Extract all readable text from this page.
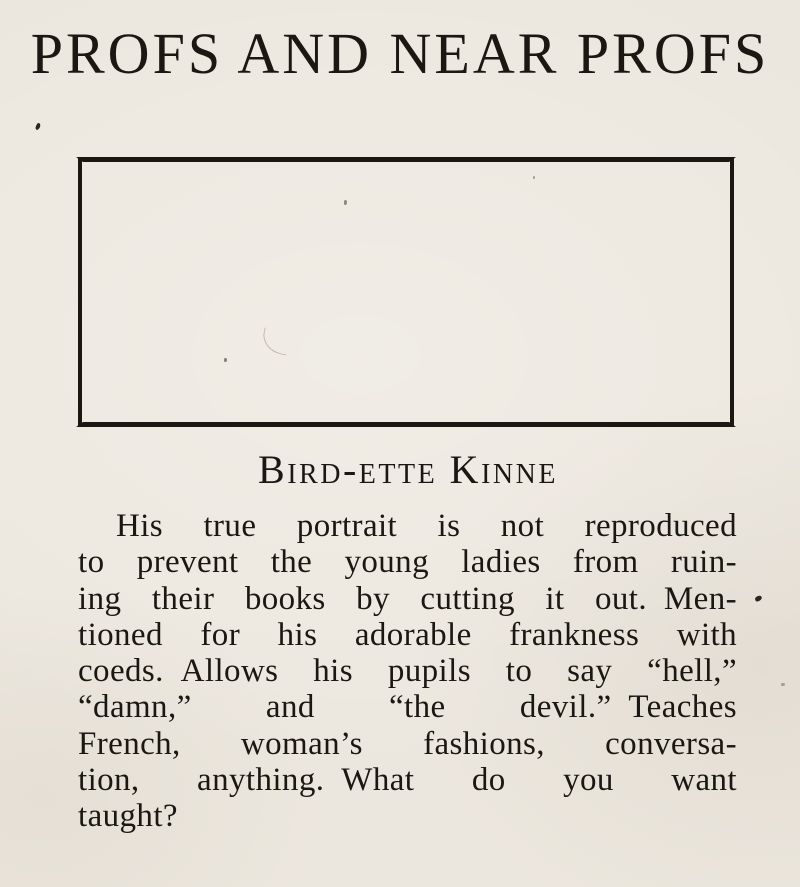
PROFS AND NEAR PROFS
Bird-ette Kinne
His true portrait is not reproduced
to prevent the young ladies from ruin-
ing their books by cutting it out. Men-
tioned for his adorable frankness with
coeds. Allows his pupils to say “hell,”
“damn,” and “the devil.” Teaches
French, woman’s fashions, conversa-
tion, anything. What do you want
taught?
